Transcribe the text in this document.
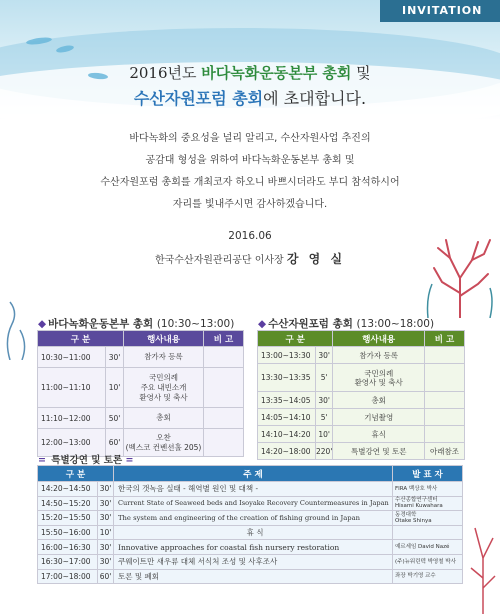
INVITATION
2016년도 바다녹화운동본부 총회 및
수산자원포럼 총회에 초대합니다.
바다녹화의 중요성을 널리 알리고, 수산자원사업 추진의
공감대 형성을 위하여 바다녹화운동본부 총회 및
수산자원포럼 총회를 개최코자 하오니 바쁘시더라도 부디 참석하시어
자리를 빛내주시면 감사하겠습니다.
2016.06
한국수산자원관리공단 이사장 강 영 실
◆ 바다녹화운동본부 총회 (10:30~13:00)
구 분		행사내용	비 고
10:30~11:00	30'	참가자 등록	
11:00~11:10	10'	국민의례
주요 내빈소개
환영사 및 축사	
11:10~12:00	50'	총회	
12:00~13:00	60'	오찬
(벡스코 컨벤션홀 205)	
◆ 수산자원포럼 총회 (13:00~18:00)
구 분		행사내용	비 고
13:00~13:30	30'	참가자 등록	
13:30~13:35	5'	국민의례
환영사 및 축사	
13:35~14:05	30'	총회	
14:05~14:10	5'	기념촬영	
14:10~14:20	10'	휴식	
14:20~18:00	220'	특별강연 및 토론	아래참조
= 특별강연 및 토론 =
구 분		주 제	발 표 자
14:20~14:50	30'	한국의 갯녹음 실태 - 해역별 원인 및 대책 -	FIRA 백상호 박사
14:50~15:20	30'	Current State of Seaweed beds and Isoyake Recovery Countermeasures in Japan	수산종합연구센터
Hisami Kuwahara
15:20~15:50	30'	The system and engineering of the creation of fishing ground in Japan	동경대학
Otake Shinya
15:50~16:00	10'	휴 식	
16:00~16:30	30'	Innovative approaches for coastal fish nursery restoration	예르세임 David Nazé
16:30~17:00	30'	쿠웨이트만 새우류 대체 서식처 조성 및 사후조사	(주)뉴워린텍 박영철 박사
17:00~18:00	60'	토론 및 폐회	좌장 박기영 교수
